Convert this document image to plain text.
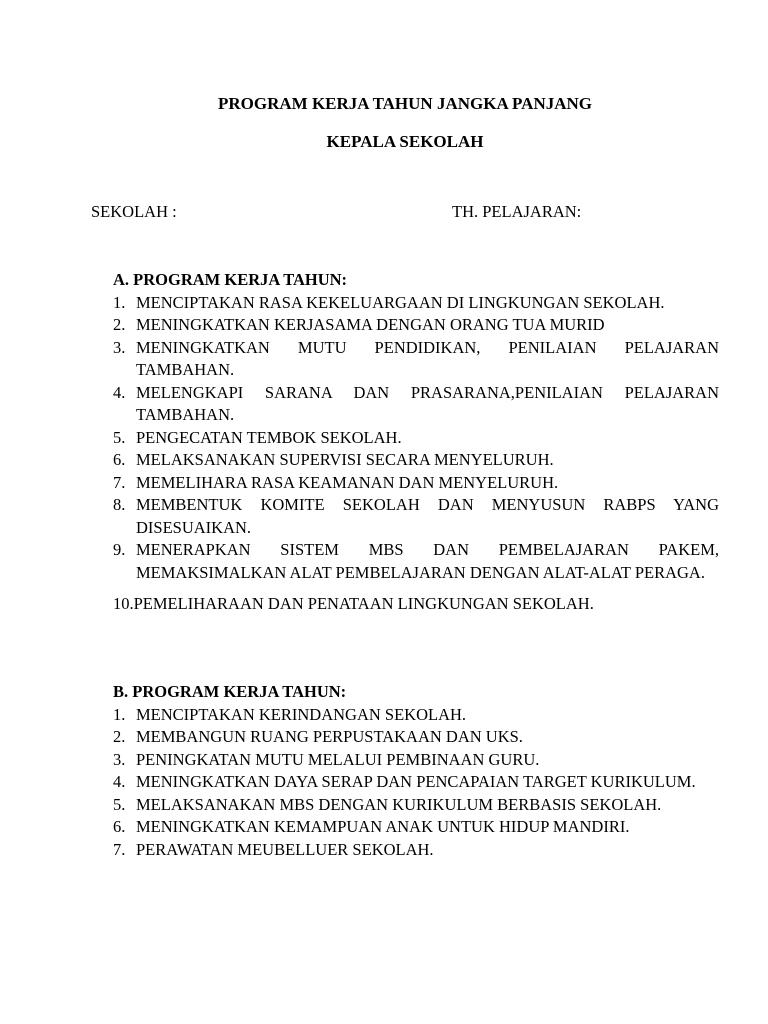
PROGRAM KERJA TAHUN JANGKA PANJANG
KEPALA SEKOLAH
SEKOLAH :	TH. PELAJARAN:
A. PROGRAM KERJA TAHUN:
1. MENCIPTAKAN RASA KEKELUARGAAN DI LINGKUNGAN SEKOLAH.
2. MENINGKATKAN KERJASAMA DENGAN ORANG TUA MURID
3. MENINGKATKAN MUTU PENDIDIKAN, PENILAIAN PELAJARAN TAMBAHAN.
4. MELENGKAPI SARANA DAN PRASARANA,PENILAIAN PELAJARAN TAMBAHAN.
5. PENGECATAN TEMBOK SEKOLAH.
6. MELAKSANAKAN SUPERVISI SECARA MENYELURUH.
7. MEMELIHARA RASA KEAMANAN DAN MENYELURUH.
8. MEMBENTUK KOMITE SEKOLAH DAN MENYUSUN RABPS YANG DISESUAIKAN.
9. MENERAPKAN SISTEM MBS DAN PEMBELAJARAN PAKEM, MEMAKSIMALKAN ALAT PEMBELAJARAN DENGAN ALAT-ALAT PERAGA.
10. PEMELIHARAAN DAN PENATAAN LINGKUNGAN SEKOLAH.
B. PROGRAM KERJA TAHUN:
1. MENCIPTAKAN KERINDANGAN SEKOLAH.
2. MEMBANGUN RUANG PERPUSTAKAAN DAN UKS.
3. PENINGKATAN MUTU MELALUI PEMBINAAN GURU.
4. MENINGKATKAN DAYA SERAP DAN PENCAPAIAN TARGET KURIKULUM.
5. MELAKSANAKAN MBS DENGAN KURIKULUM BERBASIS SEKOLAH.
6. MENINGKATKAN KEMAMPUAN ANAK UNTUK HIDUP MANDIRI.
7. PERAWATAN MEUBELLUER SEKOLAH.
